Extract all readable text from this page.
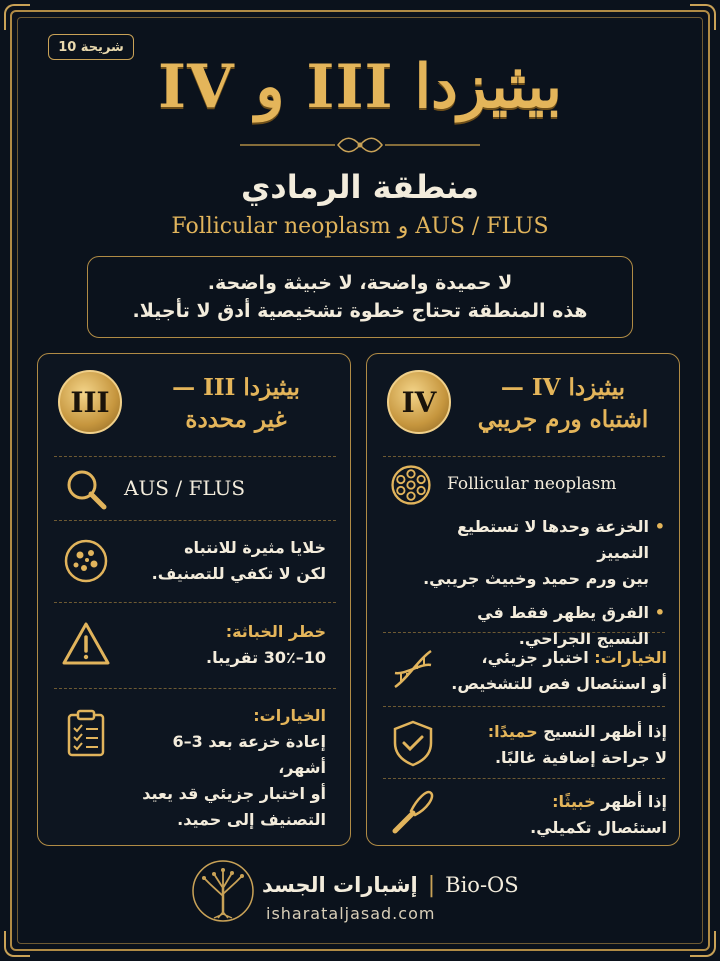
شريحة 10
بيثيزدا III و IV
منطقة الرمادي
AUS / FLUS و Follicular neoplasm
لا حميدة واضحة، لا خبيثة واضحة.
هذه المنطقة تحتاج خطوة تشخيصية أدق لا تأجيلا.
III	بيثيزدا III —
غير محددة
AUS / FLUS
خلايا مثيرة للانتباه
لكن لا تكفي للتصنيف.
خطر الخباثة:
10–30٪ تقريبا.
الخيارات:
إعادة خزعة بعد 3–6 أشهر،
أو اختبار جزيئي قد يعيد
التصنيف إلى حميد.
IV	بيثيزدا IV —
اشتباه ورم جريبي
Follicular neoplasm
• الخزعة وحدها لا تستطيع التمييز
بين ورم حميد وخبيث جريبي.
• الفرق يظهر فقط في
النسيج الجراحي.
الخيارات: اختبار جزيئي،
أو استئصال فص للتشخيص.
إذا أظهر النسيج حميدًا:
لا جراحة إضافية غالبًا.
إذا أظهر خبيثًا:
استئصال تكميلي.
إشبارات الجسد | Bio-OS
isharataljasad.com
